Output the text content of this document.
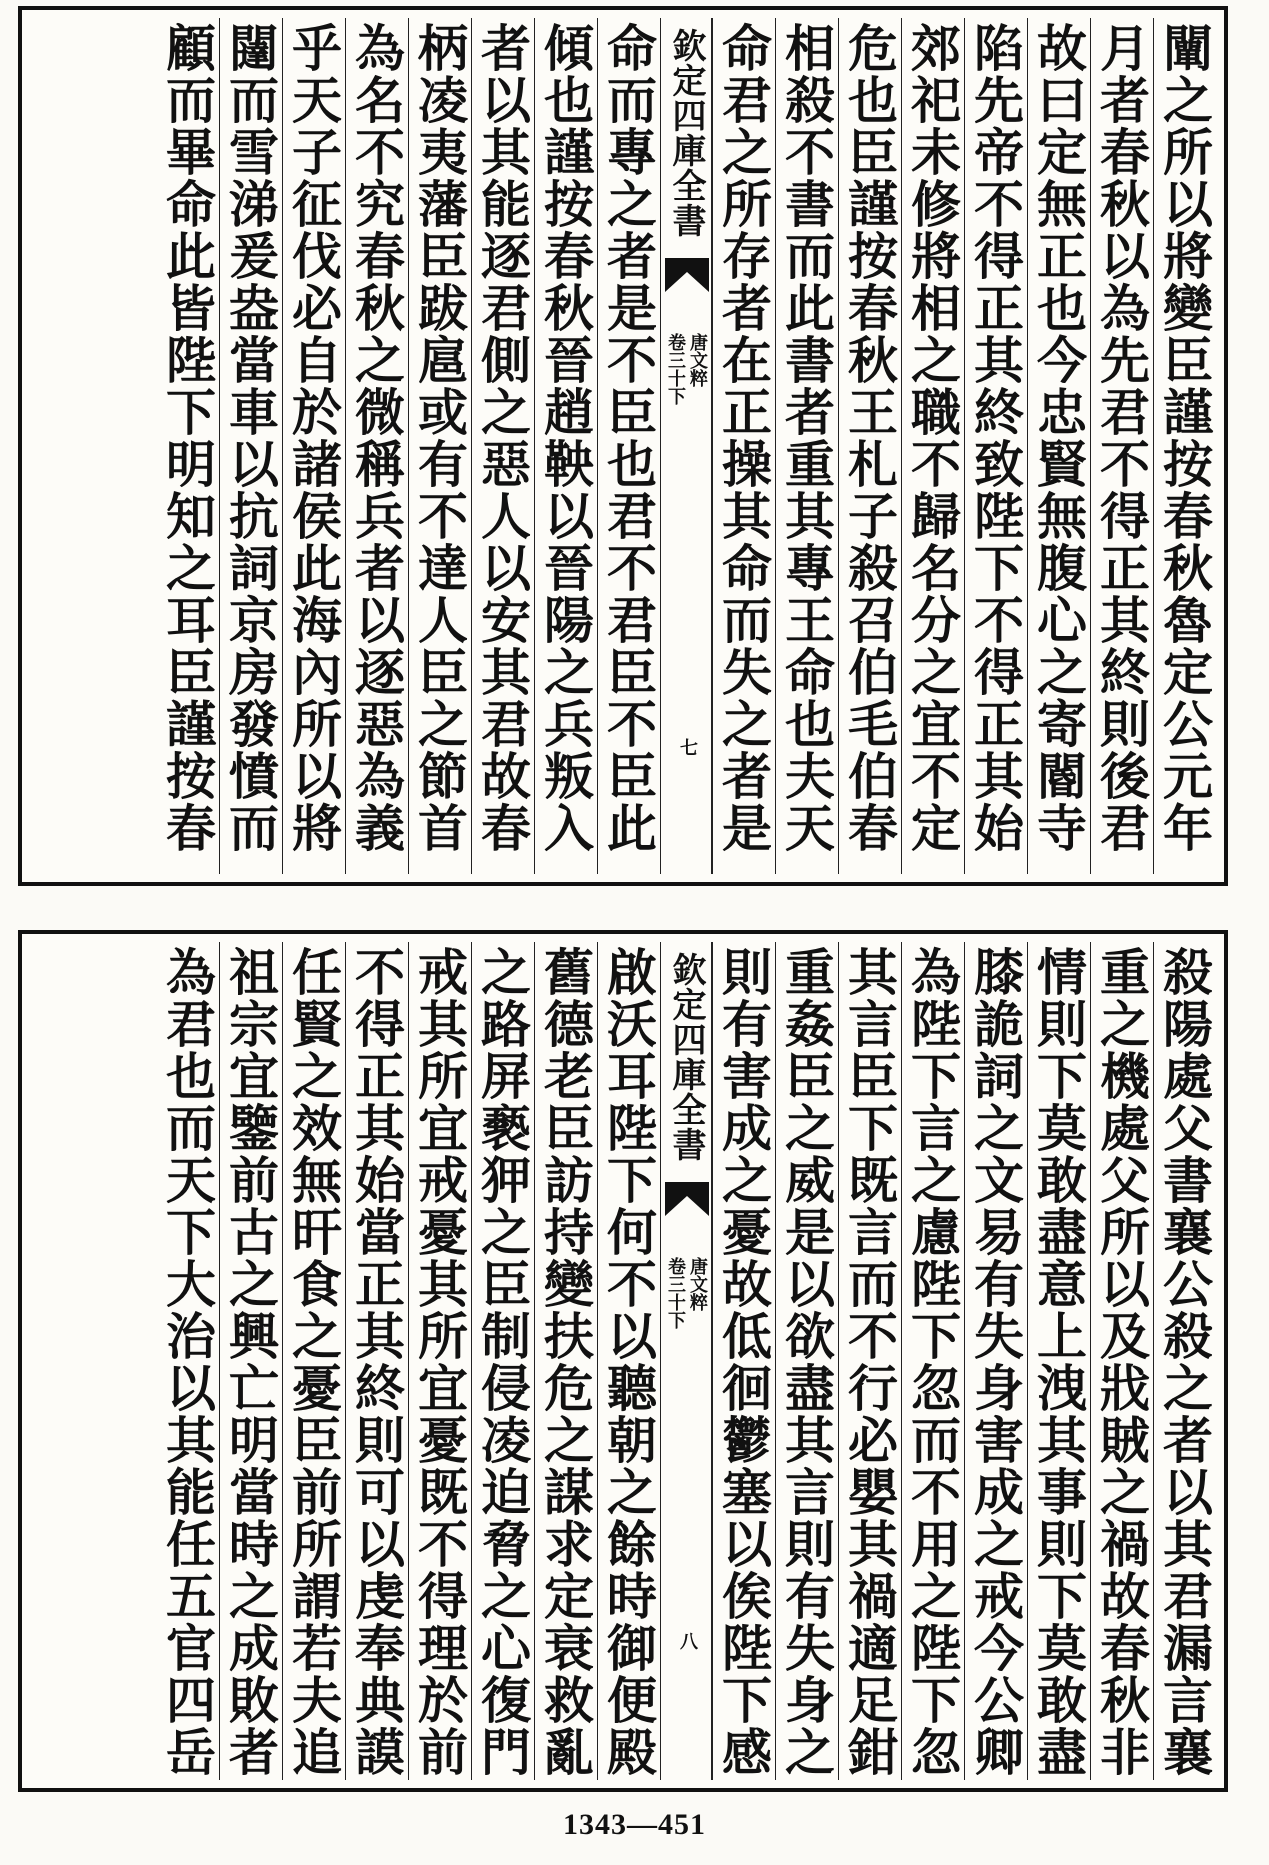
闡之所以將變臣謹按春秋魯定公元年
月者春秋以為先君不得正其終則後君
故曰定無正也今忠賢無腹心之寄閽寺
陷先帝不得正其終致陛下不得正其始
郊祀未修將相之職不歸名分之宜不定
危也臣謹按春秋王札子殺召伯毛伯春
相殺不書而此書者重其專王命也夫天
命君之所存者在正操其命而失之者是
欽定四庫全書
唐文粹
卷三十下
七
命而專之者是不臣也君不君臣不臣此
傾也謹按春秋晉趙鞅以晉陽之兵叛入
者以其能逐君側之惡人以安其君故春
柄凌夷藩臣跋扈或有不達人臣之節首
為名不究春秋之微稱兵者以逐惡為義
乎天子征伐必自於諸侯此海內所以將
闥而雪涕爰盎當車以抗詞京房發憤而
顧而畢命此皆陛下明知之耳臣謹按春
殺陽處父書襄公殺之者以其君漏言襄
重之機處父所以及戕賊之禍故春秋非
情則下莫敢盡意上洩其事則下莫敢盡
膝詭詞之文易有失身害成之戒今公卿
為陛下言之慮陛下忽而不用之陛下忽
其言臣下既言而不行必嬰其禍適足鉗
重姦臣之威是以欲盡其言則有失身之
則有害成之憂故低徊鬱塞以俟陛下感
欽定四庫全書
唐文粹
卷三十下
八
啟沃耳陛下何不以聽朝之餘時御便殿
舊德老臣訪持變扶危之謀求定衰救亂
之路屏褻狎之臣制侵凌迫脅之心復門
戒其所宜戒憂其所宜憂既不得理於前
不得正其始當正其終則可以虔奉典謨
任賢之效無旰食之憂臣前所謂若夫追
祖宗宜鑒前古之興亡明當時之成敗者
為君也而天下大治以其能任五官四岳
1343—451
